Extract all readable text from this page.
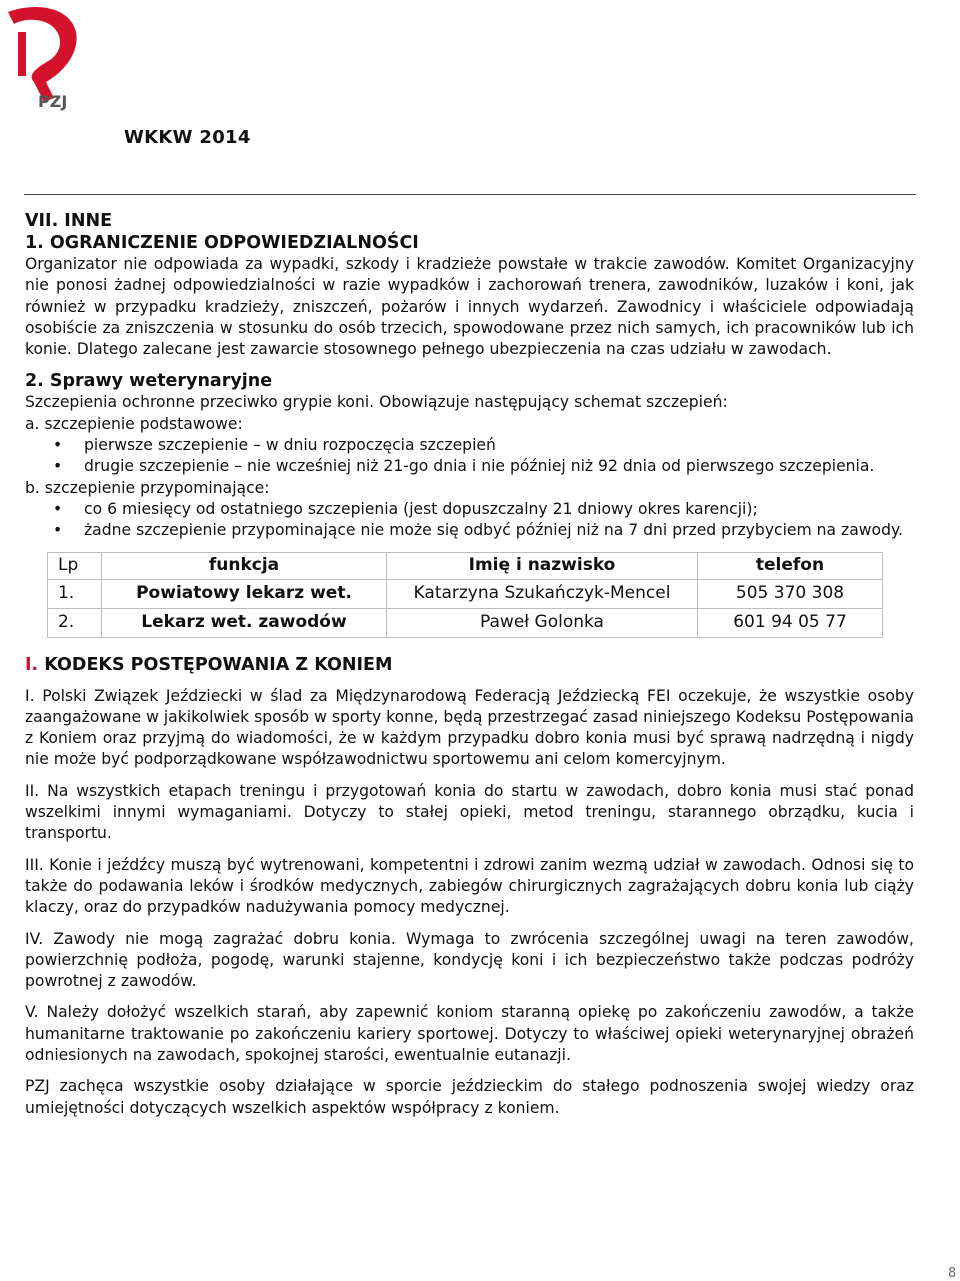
PZJ
WKKW 2014
VII. INNE
1. OGRANICZENIE ODPOWIEDZIALNOŚCI

Organizator nie odpowiada za wypadki, szkody i kradzieże powstałe w trakcie zawodów. Komitet Organizacyjny nie ponosi żadnej odpowiedzialności w razie wypadków i zachorowań trenera, zawodników, luzaków i koni, jak również w przypadku kradzieży, zniszczeń, pożarów i innych wydarzeń. Zawodnicy i właściciele odpowiadają osobiście za zniszczenia w stosunku do osób trzecich, spowodowane przez nich samych, ich pracowników lub ich konie. Dlatego zalecane jest zawarcie stosownego pełnego ubezpieczenia na czas udziału w zawodach.

2. Sprawy weterynaryjne

Szczepienia ochronne przeciwko grypie koni. Obowiązuje następujący schemat szczepień:

a. szczepienie podstawowe:
• pierwsze szczepienie – w dniu rozpoczęcia szczepień
• drugie szczepienie – nie wcześniej niż 21-go dnia i nie później niż 92 dnia od pierwszego szczepienia.
b. szczepienie przypominające:
• co 6 miesięcy od ostatniego szczepienia (jest dopuszczalny 21 dniowy okres karencji);
• żadne szczepienie przypominające nie może się odbyć później niż na 7 dni przed przybyciem na zawody.
Lp	funkcja	Imię i nazwisko	telefon
1.	Powiatowy lekarz wet.	Katarzyna Szukańczyk-Mencel	505 370 308
2.	Lekarz wet. zawodów	Paweł Golonka	601 94 05 77
I. KODEKS POSTĘPOWANIA Z KONIEM

I. Polski Związek Jeździecki w ślad za Międzynarodową Federacją Jeździecką FEI oczekuje, że wszystkie osoby zaangażowane w jakikolwiek sposób w sporty konne, będą przestrzegać zasad niniejszego Kodeksu Postępowania z Koniem oraz przyjmą do wiadomości, że w każdym przypadku dobro konia musi być sprawą nadrzędną i nigdy nie może być podporządkowane współzawodnictwu sportowemu ani celom komercyjnym.

II. Na wszystkich etapach treningu i przygotowań konia do startu w zawodach, dobro konia musi stać ponad wszelkimi innymi wymaganiami. Dotyczy to stałej opieki, metod treningu, starannego obrządku, kucia i transportu.

III. Konie i jeźdźcy muszą być wytrenowani, kompetentni i zdrowi zanim wezmą udział w zawodach. Odnosi się to także do podawania leków i środków medycznych, zabiegów chirurgicznych zagrażających dobru konia lub ciąży klaczy, oraz do przypadków nadużywania pomocy medycznej.

IV. Zawody nie mogą zagrażać dobru konia. Wymaga to zwrócenia szczególnej uwagi na teren zawodów, powierzchnię podłoża, pogodę, warunki stajenne, kondycję koni i ich bezpieczeństwo także podczas podróży powrotnej z zawodów.

V. Należy dołożyć wszelkich starań, aby zapewnić koniom staranną opiekę po zakończeniu zawodów, a także humanitarne traktowanie po zakończeniu kariery sportowej. Dotyczy to właściwej opieki weterynaryjnej obrażeń odniesionych na zawodach, spokojnej starości, ewentualnie eutanazji.

PZJ zachęca wszystkie osoby działające w sporcie jeździeckim do stałego podnoszenia swojej wiedzy oraz umiejętności dotyczących wszelkich aspektów współpracy z koniem.

8
